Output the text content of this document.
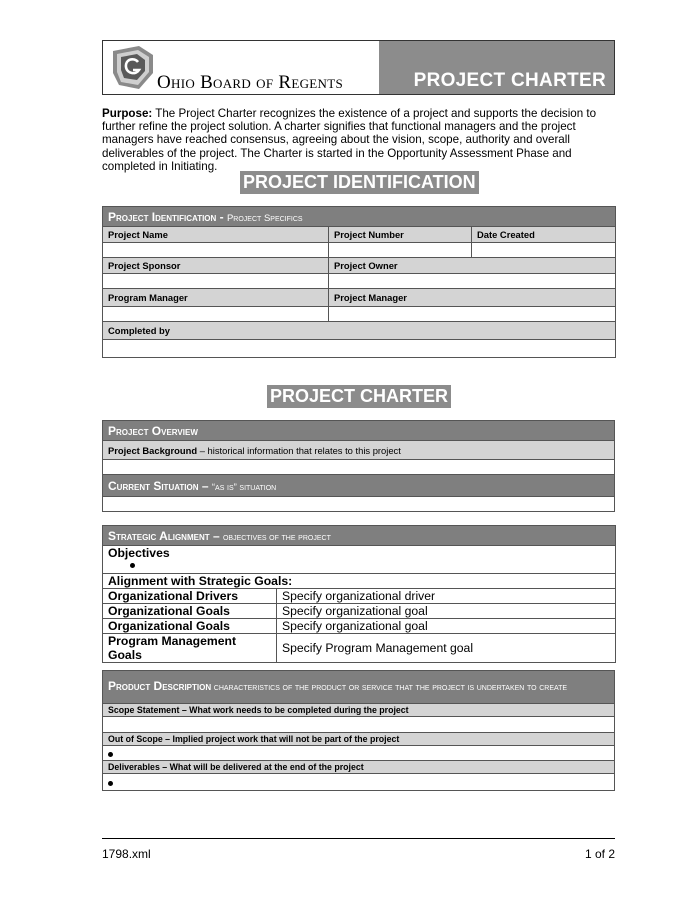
Ohio Board of Regents	PROJECT CHARTER
Purpose: The Project Charter recognizes the existence of a project and supports the decision to further refine the project solution. A charter signifies that functional managers and the project managers have reached consensus, agreeing about the vision, scope, authority and overall deliverables of the project. The Charter is started in the Opportunity Assessment Phase and completed in Initiating.
PROJECT IDENTIFICATION
Project Identification - Project Specifics		
Project Name	Project Number	Date Created

Project Sponsor	Project Owner	

Program Manager	Project Manager	

Completed by		

PROJECT CHARTER
Project Overview
Project Background – historical information that relates to this project

Current Situation – “as is” situation

Strategic Alignment – objectives of the project	

Objectives	

Alignment with Strategic Goals:	
Organizational Drivers	Specify organizational driver
Organizational Goals	Specify organizational goal
Organizational Goals	Specify organizational goal
Program Management Goals	Specify Program Management goal
Product Description characteristics of the product or service that the project is undertaken to create
Scope Statement – What work needs to be completed during the project

Out of Scope – Implied project work that will not be part of the project

Deliverables – What will be delivered at the end of the project

1798.xml	1 of 2
